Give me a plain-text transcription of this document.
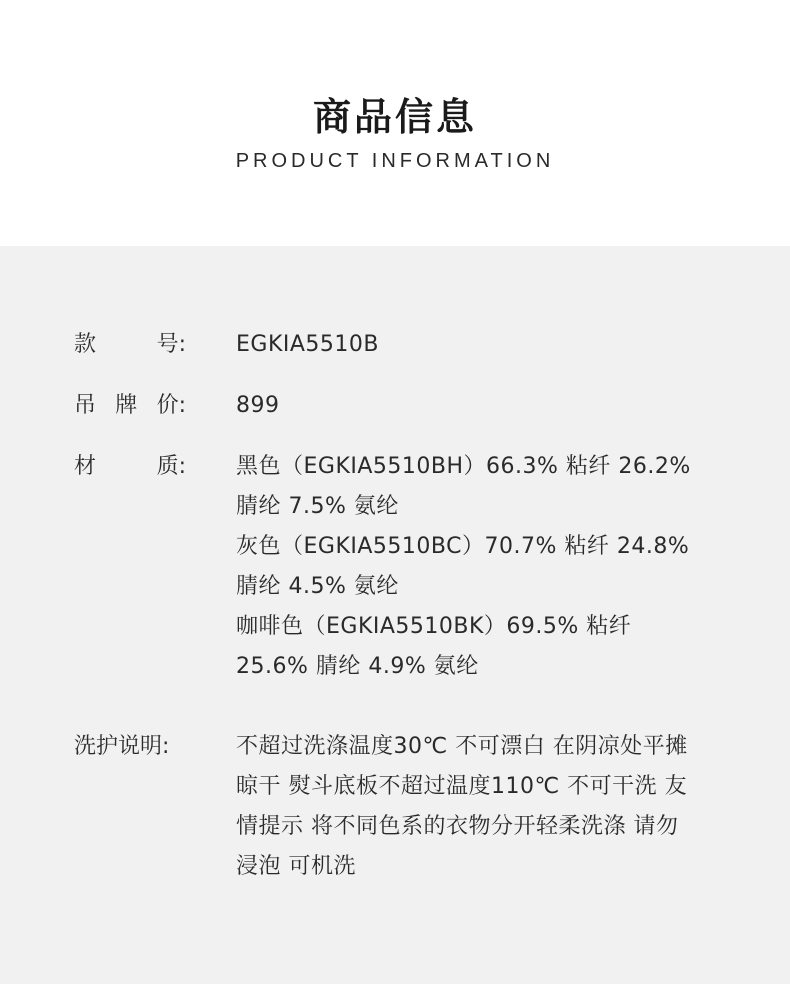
商品信息
PRODUCT INFORMATION
款	号: EGKIA5510B
吊 牌 价: 899
材	质: 黑色（EGKIA5510BH）66.3% 粘纤 26.2%
腈纶 7.5% 氨纶
灰色（EGKIA5510BC）70.7% 粘纤 24.8%
腈纶 4.5% 氨纶
咖啡色（EGKIA5510BK）69.5% 粘纤
25.6% 腈纶 4.9% 氨纶
洗护说明:	不超过洗涤温度30℃ 不可漂白 在阴凉处平摊
晾干 熨斗底板不超过温度110℃ 不可干洗 友
情提示 将不同色系的衣物分开轻柔洗涤 请勿
浸泡 可机洗
